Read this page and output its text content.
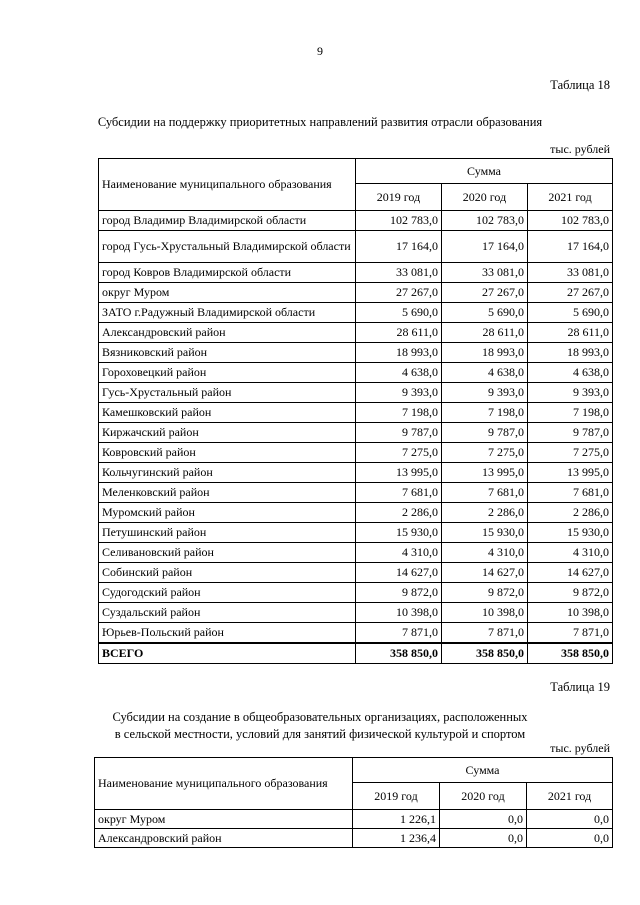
9
Таблица 18
Субсидии на поддержку приоритетных направлений развития отрасли образования
тыс. рублей
Наименование муниципального образования	Сумма		
	2019 год	2020 год	2021 год
город Владимир Владимирской области	102 783,0	102 783,0	102 783,0
город Гусь-Хрустальный Владимирской области	17 164,0	17 164,0	17 164,0
город Ковров Владимирской области	33 081,0	33 081,0	33 081,0
округ Муром	27 267,0	27 267,0	27 267,0
ЗАТО г.Радужный Владимирской области	5 690,0	5 690,0	5 690,0
Александровский район	28 611,0	28 611,0	28 611,0
Вязниковский район	18 993,0	18 993,0	18 993,0
Гороховецкий район	4 638,0	4 638,0	4 638,0
Гусь-Хрустальный район	9 393,0	9 393,0	9 393,0
Камешковский район	7 198,0	7 198,0	7 198,0
Киржачский район	9 787,0	9 787,0	9 787,0
Ковровский район	7 275,0	7 275,0	7 275,0
Кольчугинский район	13 995,0	13 995,0	13 995,0
Меленковский район	7 681,0	7 681,0	7 681,0
Муромский район	2 286,0	2 286,0	2 286,0
Петушинский район	15 930,0	15 930,0	15 930,0
Селивановский район	4 310,0	4 310,0	4 310,0
Собинский район	14 627,0	14 627,0	14 627,0
Судогодский район	9 872,0	9 872,0	9 872,0
Суздальский район	10 398,0	10 398,0	10 398,0
Юрьев-Польский район	7 871,0	7 871,0	7 871,0
ВСЕГО	358 850,0	358 850,0	358 850,0
Таблица 19
Субсидии на создание в общеобразовательных организациях, расположенных
в сельской местности, условий для занятий физической культурой и спортом
тыс. рублей
Наименование муниципального образования	Сумма		
	2019 год	2020 год	2021 год
округ Муром	1 226,1	0,0	0,0
Александровский район	1 236,4	0,0	0,0
